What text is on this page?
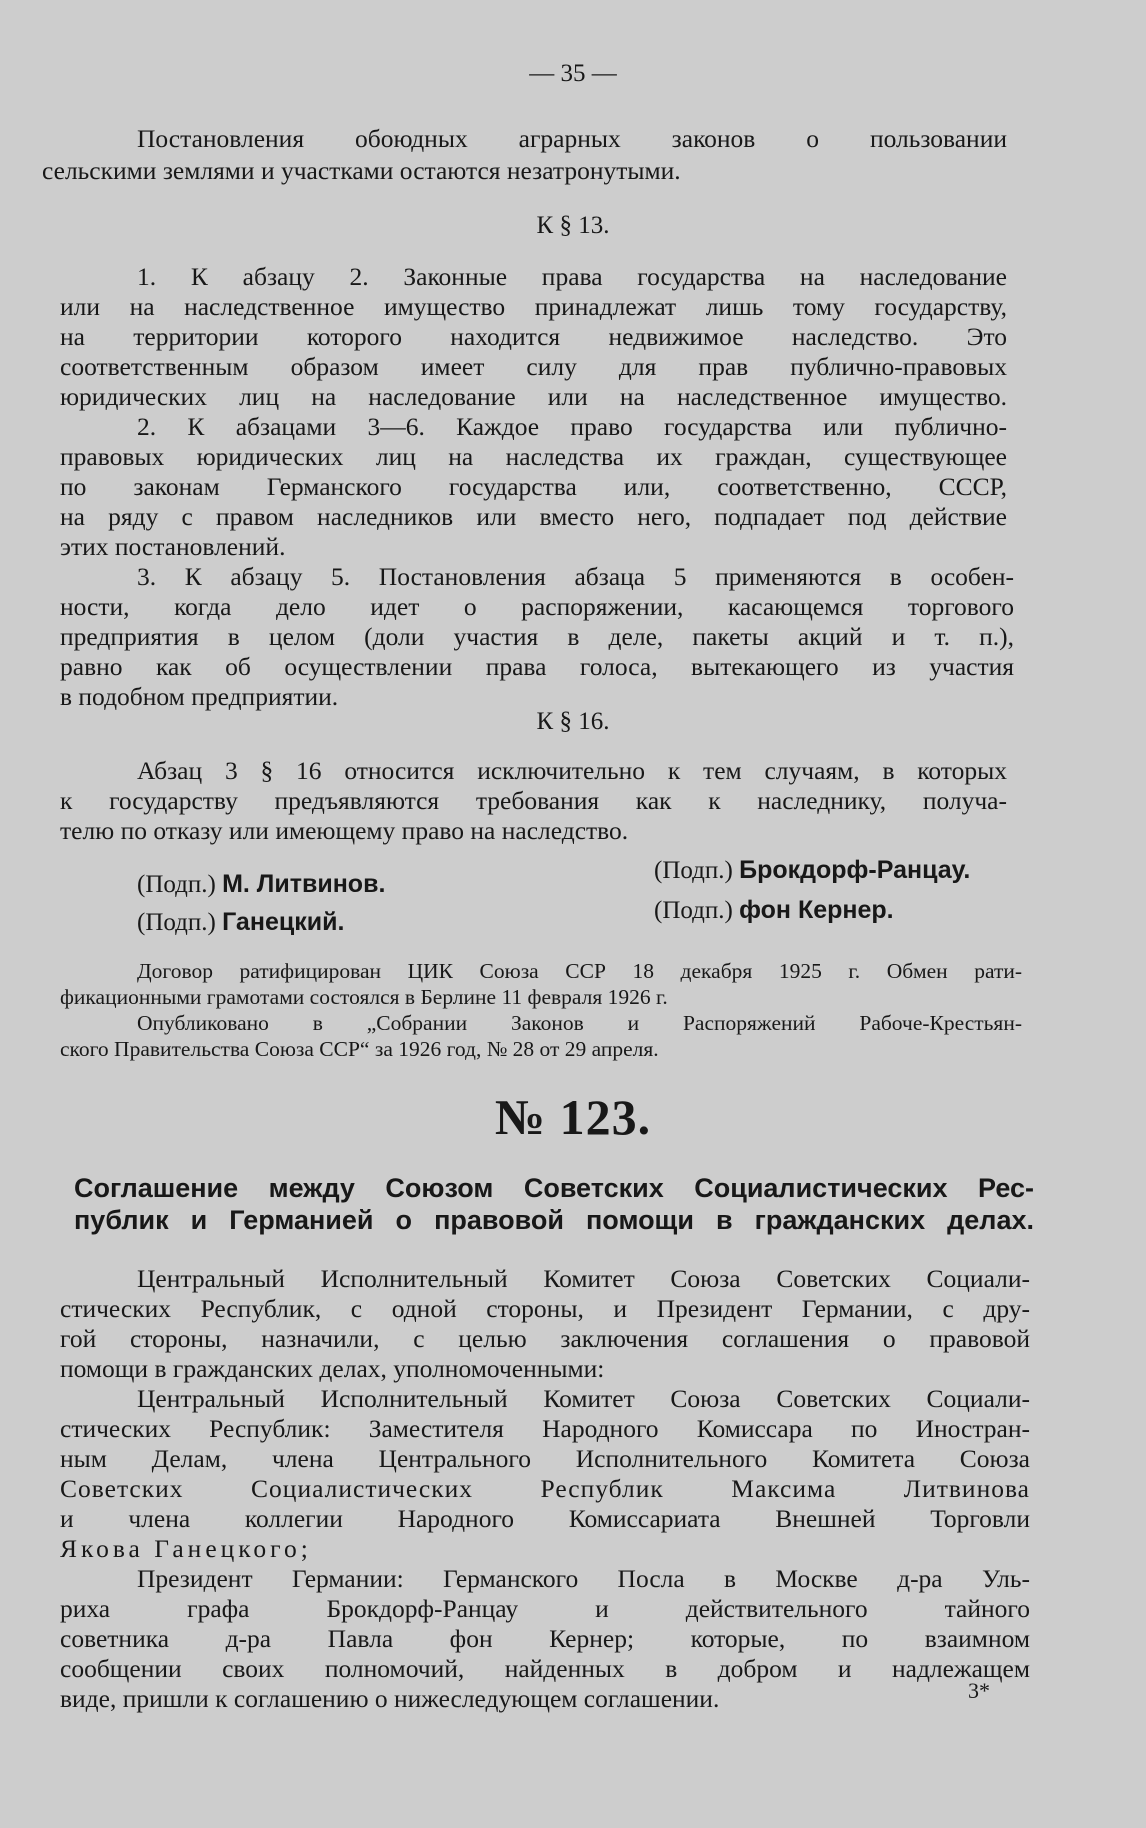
— 35 —
Постановления обоюдных аграрных законов о пользовании
сельскими землями и участками остаются незатронутыми.
К § 13.
1. К абзацу 2. Законные права государства на наследование
или на наследственное имущество принадлежат лишь тому государству,
на территории которого находится недвижимое наследство. Это
соответственным образом имеет силу для прав публично-правовых
юридических лиц на наследование или на наследственное имущество.
2. К абзацами 3—6. Каждое право государства или публично-
правовых юридических лиц на наследства их граждан, существующее
по законам Германского государства или, соответственно, СССР,
на ряду с правом наследников или вместо него, подпадает под действие
этих постановлений.
3. К абзацу 5. Постановления абзаца 5 применяются в особен-
ности, когда дело идет о распоряжении, касающемся торгового
предприятия в целом (доли участия в деле, пакеты акций и т. п.),
равно как об осуществлении права голоса, вытекающего из участия
в подобном предприятии.
К § 16.
Абзац 3 § 16 относится исключительно к тем случаям, в которых
к государству предъявляются требования как к наследнику, получа-
телю по отказу или имеющему право на наследство.
(Подп.) М. Литвинов.
(Подп.) Ганецкий.
(Подп.) Брокдорф-Ранцау.
(Подп.) фон Кернер.
Договор ратифицирован ЦИК Союза ССР 18 декабря 1925 г. Обмен рати-
фикационными грамотами состоялся в Берлине 11 февраля 1926 г.
Опубликовано в „Собрании Законов и Распоряжений Рабоче-Крестьян-
ского Правительства Союза ССР“ за 1926 год, № 28 от 29 апреля.
№ 123.
Соглашение между Союзом Советских Социалистических Рес-
публик и Германией о правовой помощи в гражданских делах.
Центральный Исполнительный Комитет Союза Советских Социали-
стических Республик, с одной стороны, и Президент Германии, с дру-
гой стороны, назначили, с целью заключения соглашения о правовой
помощи в гражданских делах, уполномоченными:
Центральный Исполнительный Комитет Союза Советских Социали-
стических Республик: Заместителя Народного Комиссара по Иностран-
ным Делам, члена Центрального Исполнительного Комитета Союза
Советских Социалистических Республик Максима Литвинова
и члена коллегии Народного Комиссариата Внешней Торговли
Якова Ганецкого;
Президент Германии: Германского Посла в Москве д-ра Уль-
риха графа Брокдорф-Ранцау и действительного тайного
советника д-ра Павла фон Кернер; которые, по взаимном
сообщении своих полномочий, найденных в добром и надлежащем
виде, пришли к соглашению о нижеследующем соглашении.	3*
